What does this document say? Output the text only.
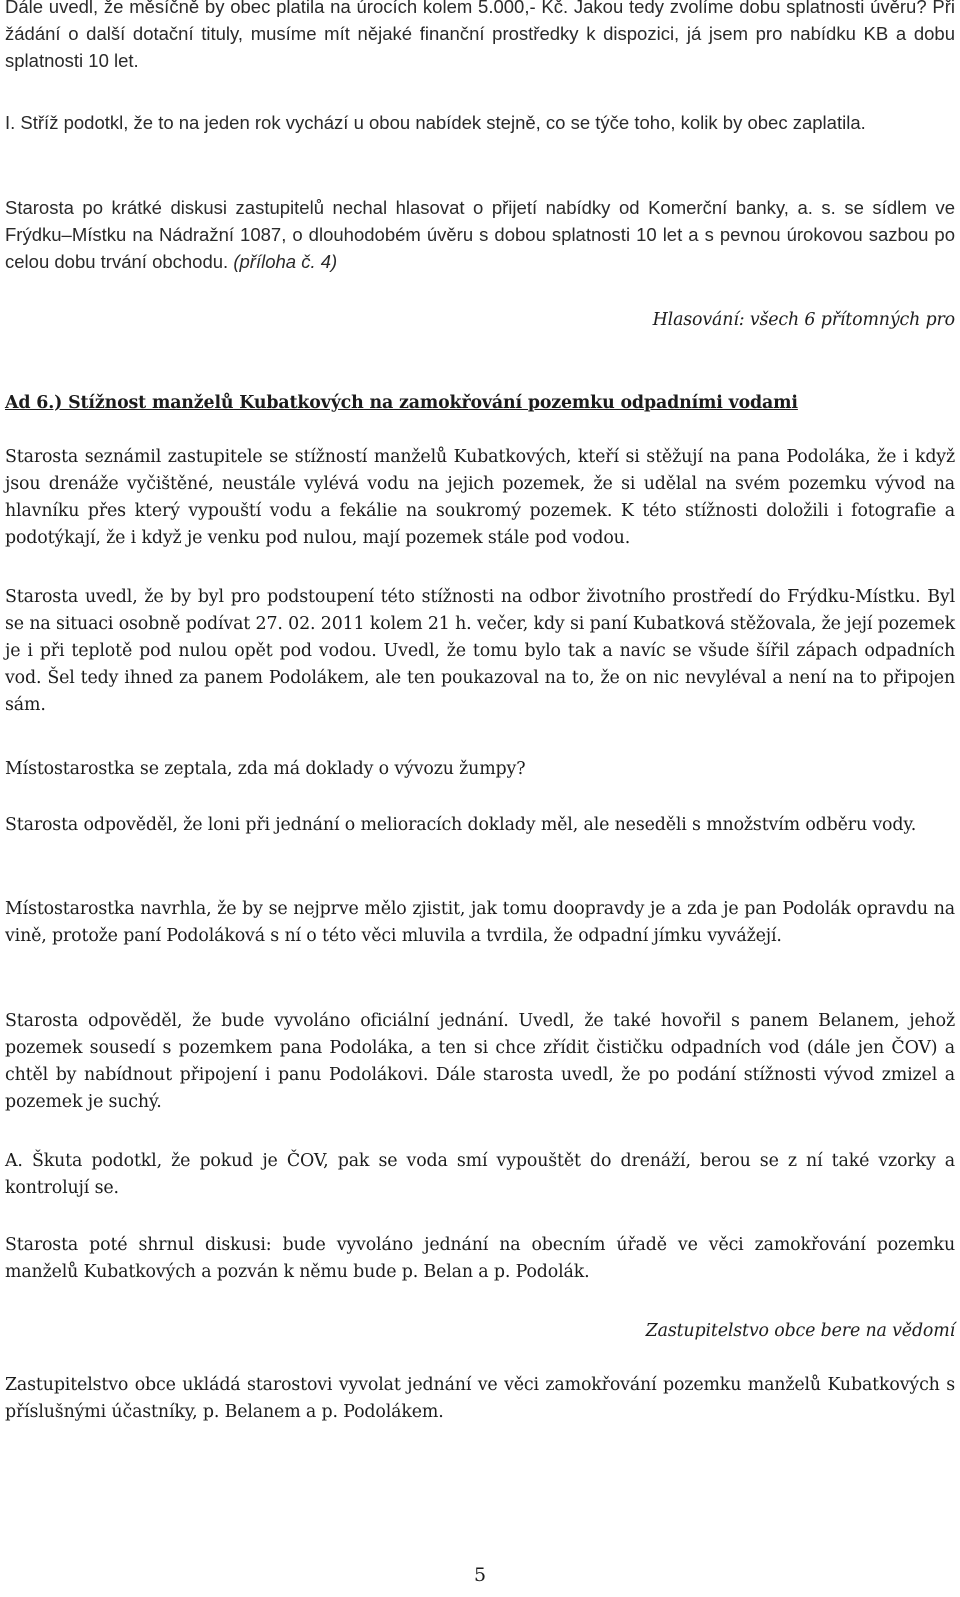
Dále uvedl, že měsíčně by obec platila na úrocích kolem 5.000,- Kč. Jakou tedy zvolíme dobu splatnosti úvěru? Při žádání o další dotační tituly, musíme mít nějaké finanční prostředky k dispozici, já jsem pro nabídku KB a dobu splatnosti 10 let.

I. Stříž podotkl, že to na jeden rok vychází u obou nabídek stejně, co se týče toho, kolik by obec zaplatila.

Starosta po krátké diskusi zastupitelů nechal hlasovat o přijetí nabídky od Komerční banky, a. s. se sídlem ve Frýdku–Místku na Nádražní 1087, o dlouhodobém úvěru s dobou splatnosti 10 let a s pevnou úrokovou sazbou po celou dobu trvání obchodu. (příloha č. 4)

Hlasování: všech 6 přítomných pro

Ad 6.) Stížnost manželů Kubatkových na zamokřování pozemku odpadními vodami

Starosta seznámil zastupitele se stížností manželů Kubatkových, kteří si stěžují na pana Podoláka, že i když jsou drenáže vyčištěné, neustále vylévá vodu na jejich pozemek, že si udělal na svém pozemku vývod na hlavníku přes který vypouští vodu a fekálie na soukromý pozemek. K této stížnosti doložili i fotografie a podotýkají, že i když je venku pod nulou, mají pozemek stále pod vodou.

Starosta uvedl, že by byl pro podstoupení této stížnosti na odbor životního prostředí do Frýdku-Místku. Byl se na situaci osobně podívat 27. 02. 2011 kolem 21 h. večer, kdy si paní Kubatková stěžovala, že její pozemek je i při teplotě pod nulou opět pod vodou. Uvedl, že tomu bylo tak a navíc se všude šířil zápach odpadních vod. Šel tedy ihned za panem Podolákem, ale ten poukazoval na to, že on nic nevyléval a není na to připojen sám.

Místostarostka se zeptala, zda má doklady o vývozu žumpy?

Starosta odpověděl, že loni při jednání o melioracích doklady měl, ale neseděli s množstvím odběru vody.

Místostarostka navrhla, že by se nejprve mělo zjistit, jak tomu doopravdy je a zda je pan Podolák opravdu na vině, protože paní Podoláková s ní o této věci mluvila a tvrdila, že odpadní jímku vyvážejí.

Starosta odpověděl, že bude vyvoláno oficiální jednání. Uvedl, že také hovořil s panem Belanem, jehož pozemek sousedí s pozemkem pana Podoláka, a ten si chce zřídit čističku odpadních vod (dále jen ČOV) a chtěl by nabídnout připojení i panu Podolákovi. Dále starosta uvedl, že po podání stížnosti vývod zmizel a pozemek je suchý.

A. Škuta podotkl, že pokud je ČOV, pak se voda smí vypouštět do drenáží, berou se z ní také vzorky a kontrolují se.

Starosta poté shrnul diskusi: bude vyvoláno jednání na obecním úřadě ve věci zamokřování pozemku manželů Kubatkových a pozván k němu bude p. Belan a p. Podolák.

Zastupitelstvo obce bere na vědomí

Zastupitelstvo obce ukládá starostovi vyvolat jednání ve věci zamokřování pozemku manželů Kubatkových s příslušnými účastníky, p. Belanem a p. Podolákem.

5
